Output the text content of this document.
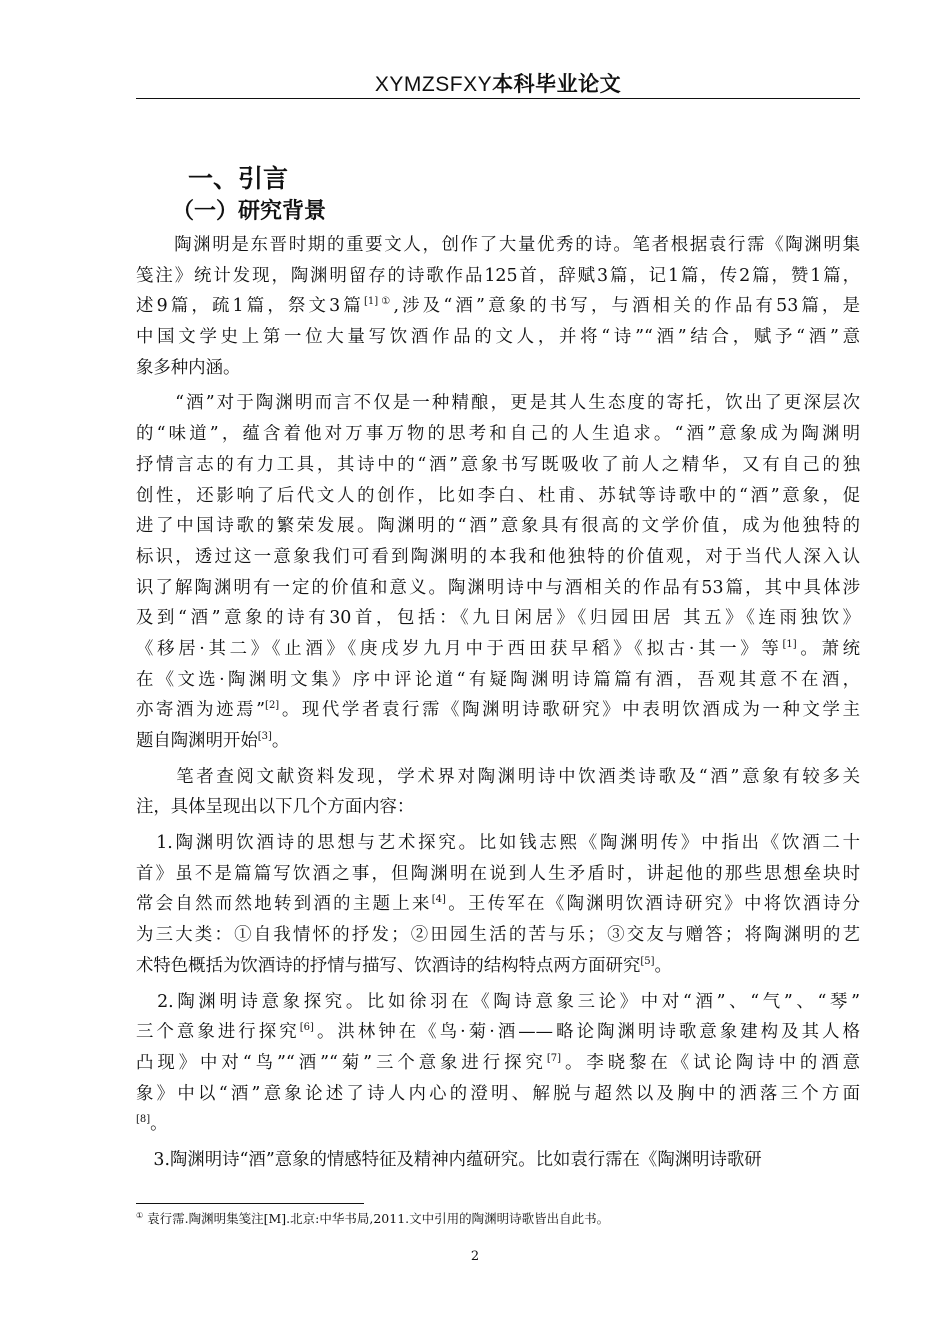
XYMZSFXY本科毕业论文
一、引言
（一）研究背景
　　陶渊明是东晋时期的重要文人，创作了大量优秀的诗。笔者根据袁行霈《陶渊明集
笺注》统计发现，陶渊明留存的诗歌作品125首，辞赋3篇，记1篇，传2篇，赞1篇，
述9篇，疏1篇，祭文3篇$^{[1]①}$,涉及“酒”意象的书写，与酒相关的作品有53篇，是
中国文学史上第一位大量写饮酒作品的文人，并将“诗”“酒”结合，赋予“酒”意
象多种内涵。
　　“酒”对于陶渊明而言不仅是一种精酿，更是其人生态度的寄托，饮出了更深层次
的“味道”，蕴含着他对万事万物的思考和自己的人生追求。“酒”意象成为陶渊明
抒情言志的有力工具，其诗中的“酒”意象书写既吸收了前人之精华，又有自己的独
创性，还影响了后代文人的创作，比如李白、杜甫、苏轼等诗歌中的“酒”意象，促
进了中国诗歌的繁荣发展。陶渊明的“酒”意象具有很高的文学价值，成为他独特的
标识，透过这一意象我们可看到陶渊明的本我和他独特的价值观，对于当代人深入认
识了解陶渊明有一定的价值和意义。陶渊明诗中与酒相关的作品有53篇，其中具体涉
及到“酒”意象的诗有30首，包括：《九日闲居》《归园田居 其五》《连雨独饮》
《移居·其二》《止酒》《庚戌岁九月中于西田获早稻》《拟古·其一》等[1]。萧统
在《文选·陶渊明文集》序中评论道“有疑陶渊明诗篇篇有酒，吾观其意不在酒，
亦寄酒为迹焉”[2]。现代学者袁行霈《陶渊明诗歌研究》中表明饮酒成为一种文学主
题自陶渊明开始[3]。
　　笔者查阅文献资料发现，学术界对陶渊明诗中饮酒类诗歌及“酒”意象有较多关
注，具体呈现出以下几个方面内容：
　1.陶渊明饮酒诗的思想与艺术探究。比如钱志熙《陶渊明传》中指出《饮酒二十
首》虽不是篇篇写饮酒之事，但陶渊明在说到人生矛盾时，讲起他的那些思想垒块时
常会自然而然地转到酒的主题上来[4]。王传军在《陶渊明饮酒诗研究》中将饮酒诗分
为三大类：①自我情怀的抒发；②田园生活的苦与乐；③交友与赠答；将陶渊明的艺
术特色概括为饮酒诗的抒情与描写、饮酒诗的结构特点两方面研究[5]。
　2.陶渊明诗意象探究。比如徐羽在《陶诗意象三论》中对“酒”、“气”、“琴”
三个意象进行探究[6]。洪林钟在《鸟·菊·酒——略论陶渊明诗歌意象建构及其人格
凸现》中对“鸟”“酒”“菊”三个意象进行探究[7]。李晓黎在《试论陶诗中的酒意
象》中以“酒”意象论述了诗人内心的澄明、解脱与超然以及胸中的洒落三个方面
[8]。
　3.陶渊明诗“酒”意象的情感特征及精神内蕴研究。比如袁行霈在《陶渊明诗歌研
① 袁行霈.陶渊明集笺注[M].北京:中华书局,2011.文中引用的陶渊明诗歌皆出自此书。
2
